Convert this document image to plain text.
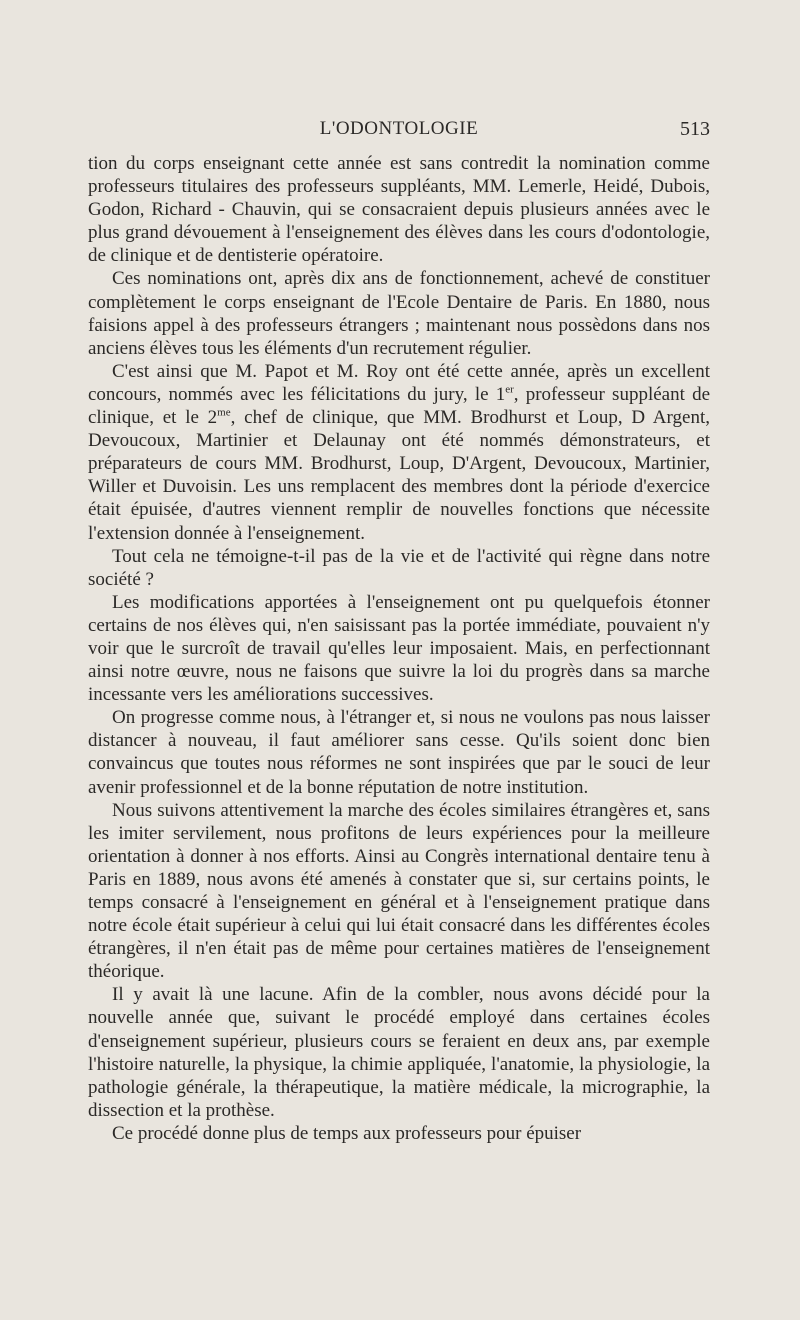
L'ODONTOLOGIE	513

tion du corps enseignant cette année est sans contredit la nomination comme professeurs titulaires des professeurs suppléants, MM. Lemerle, Heidé, Dubois, Godon, Richard - Chauvin, qui se consacraient depuis plusieurs années avec le plus grand dévouement à l'enseignement des élèves dans les cours d'odontologie, de clinique et de dentisterie opératoire.

Ces nominations ont, après dix ans de fonctionnement, achevé de constituer complètement le corps enseignant de l'Ecole Dentaire de Paris. En 1880, nous faisions appel à des professeurs étrangers ; maintenant nous possèdons dans nos anciens élèves tous les éléments d'un recrutement régulier.

C'est ainsi que M. Papot et M. Roy ont été cette année, après un excellent concours, nommés avec les félicitations du jury, le 1er, professeur suppléant de clinique, et le $2^{me}$, chef de clinique, que MM. Brodhurst et Loup, D Argent, Devoucoux, Martinier et Delaunay ont été nommés démonstrateurs, et préparateurs de cours MM. Brodhurst, Loup, D'Argent, Devoucoux, Martinier, Willer et Duvoisin. Les uns remplacent des membres dont la période d'exercice était épuisée, d'autres viennent remplir de nouvelles fonctions que nécessite l'extension donnée à l'enseignement.

Tout cela ne témoigne-t-il pas de la vie et de l'activité qui règne dans notre société ?

Les modifications apportées à l'enseignement ont pu quelquefois étonner certains de nos élèves qui, n'en saisissant pas la portée immédiate, pouvaient n'y voir que le surcroît de travail qu'elles leur imposaient. Mais, en perfectionnant ainsi notre œuvre, nous ne faisons que suivre la loi du progrès dans sa marche incessante vers les améliorations successives.

On progresse comme nous, à l'étranger et, si nous ne voulons pas nous laisser distancer à nouveau, il faut améliorer sans cesse. Qu'ils soient donc bien convaincus que toutes nous réformes ne sont inspirées que par le souci de leur avenir professionnel et de la bonne réputation de notre institution.

Nous suivons attentivement la marche des écoles similaires étrangères et, sans les imiter servilement, nous profitons de leurs expériences pour la meilleure orientation à donner à nos efforts. Ainsi au Congrès international dentaire tenu à Paris en 1889, nous avons été amenés à constater que si, sur certains points, le temps consacré à l'enseignement en général et à l'enseignement pratique dans notre école était supérieur à celui qui lui était consacré dans les différentes écoles étrangères, il n'en était pas de même pour certaines matières de l'enseignement théorique.

Il y avait là une lacune. Afin de la combler, nous avons décidé pour la nouvelle année que, suivant le procédé employé dans certaines écoles d'enseignement supérieur, plusieurs cours se feraient en deux ans, par exemple l'histoire naturelle, la physique, la chimie appliquée, l'anatomie, la physiologie, la pathologie générale, la thérapeutique, la matière médicale, la micrographie, la dissection et la prothèse.

Ce procédé donne plus de temps aux professeurs pour épuiser
